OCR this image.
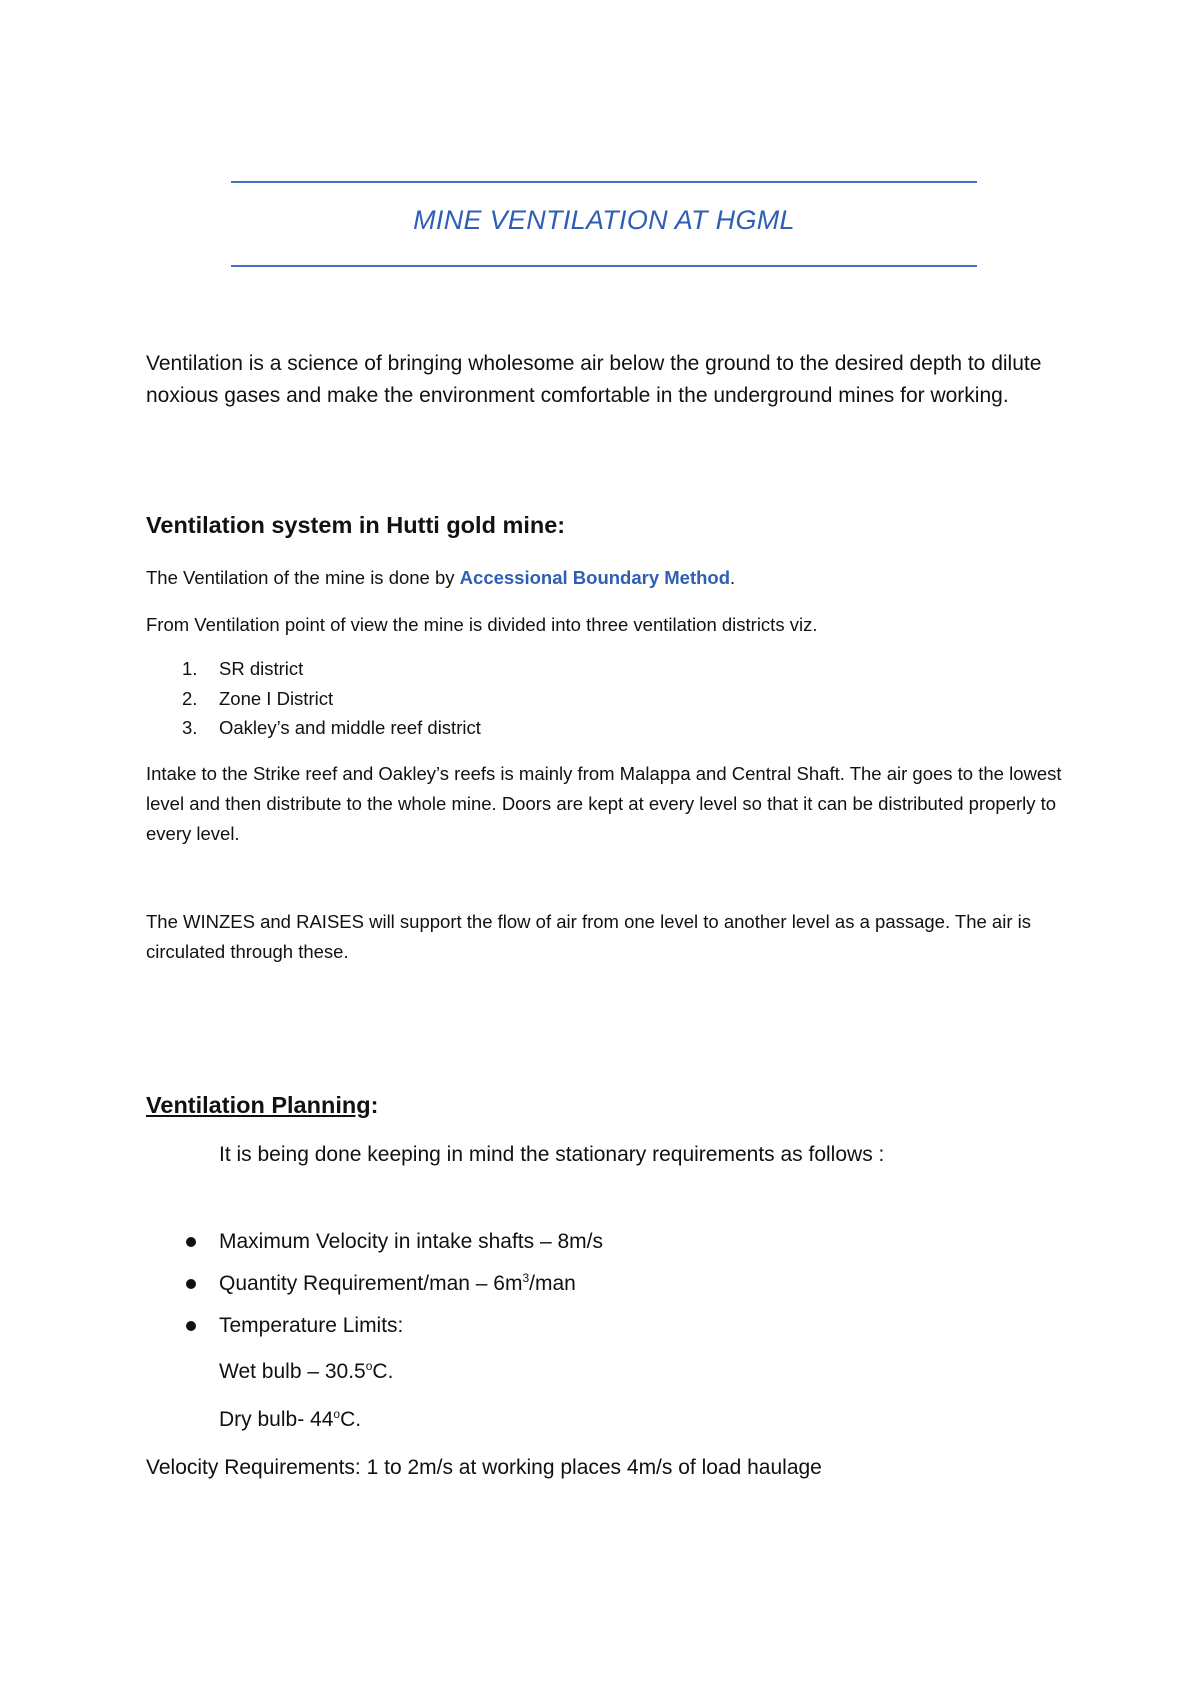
MINE VENTILATION AT HGML
Ventilation is a science of bringing wholesome air below the ground to the desired depth to dilute noxious gases and make the environment comfortable in the underground mines for working.
Ventilation system in Hutti gold mine:
The Ventilation of the mine is done by Accessional Boundary Method.
From Ventilation point of view the mine is divided into three ventilation districts viz.
1. SR district
2. Zone I District
3. Oakley’s and middle reef district
Intake to the Strike reef and Oakley’s reefs is mainly from Malappa and Central Shaft. The air goes to the lowest level and then distribute to the whole mine. Doors are kept at every level so that it can be distributed properly to every level.
The WINZES and RAISES will support the flow of air from one level to another level as a passage. The air is circulated through these.
Ventilation Planning:
It is being done keeping in mind the stationary requirements as follows :
Maximum Velocity in intake shafts – 8m/s
Quantity Requirement/man – $6m^3$/man
Temperature Limits:
Wet bulb – 30.5$^o$C.
Dry bulb- 44$^o$C.
Velocity Requirements: 1 to 2m/s at working places 4m/s of load haulage
